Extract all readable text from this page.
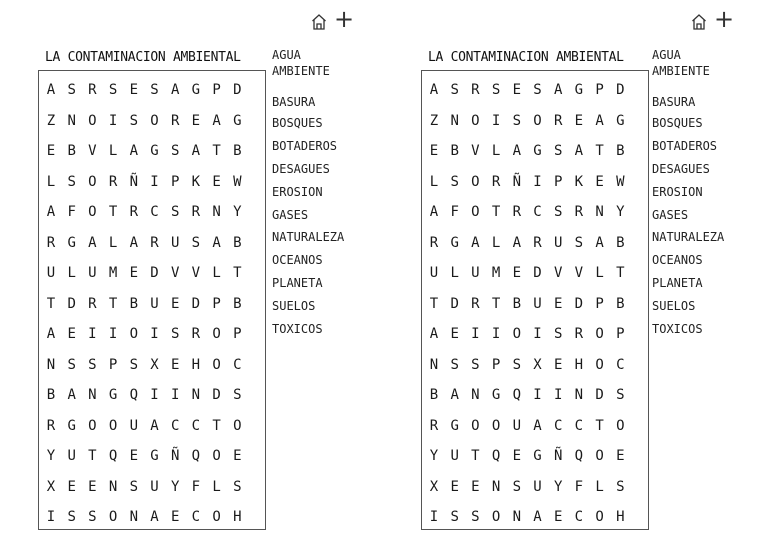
+
LA CONTAMINACION AMBIENTAL
A S R S E S A G P D
Z N O I S O R E A G
E B V L A G S A T B
L S O R Ñ I P K E W
A F O T R C S R N Y
R G A L A R U S A B
U L U M E D V V L T
T D R T B U E D P B
A E I I O I S R O P
N S S P S X E H O C
B A N G Q I I N D S
R G O O U A C C T O
Y U T Q E G Ñ Q O E
X E E N S U Y F L S
I S S O N A E C O H
AGUA
AMBIENTE
BASURA
BOSQUES
BOTADEROS
DESAGUES
EROSION
GASES
NATURALEZA
OCEANOS
PLANETA
SUELOS
TOXICOS
+
LA CONTAMINACION AMBIENTAL
A S R S E S A G P D
Z N O I S O R E A G
E B V L A G S A T B
L S O R Ñ I P K E W
A F O T R C S R N Y
R G A L A R U S A B
U L U M E D V V L T
T D R T B U E D P B
A E I I O I S R O P
N S S P S X E H O C
B A N G Q I I N D S
R G O O U A C C T O
Y U T Q E G Ñ Q O E
X E E N S U Y F L S
I S S O N A E C O H
AGUA
AMBIENTE
BASURA
BOSQUES
BOTADEROS
DESAGUES
EROSION
GASES
NATURALEZA
OCEANOS
PLANETA
SUELOS
TOXICOS
